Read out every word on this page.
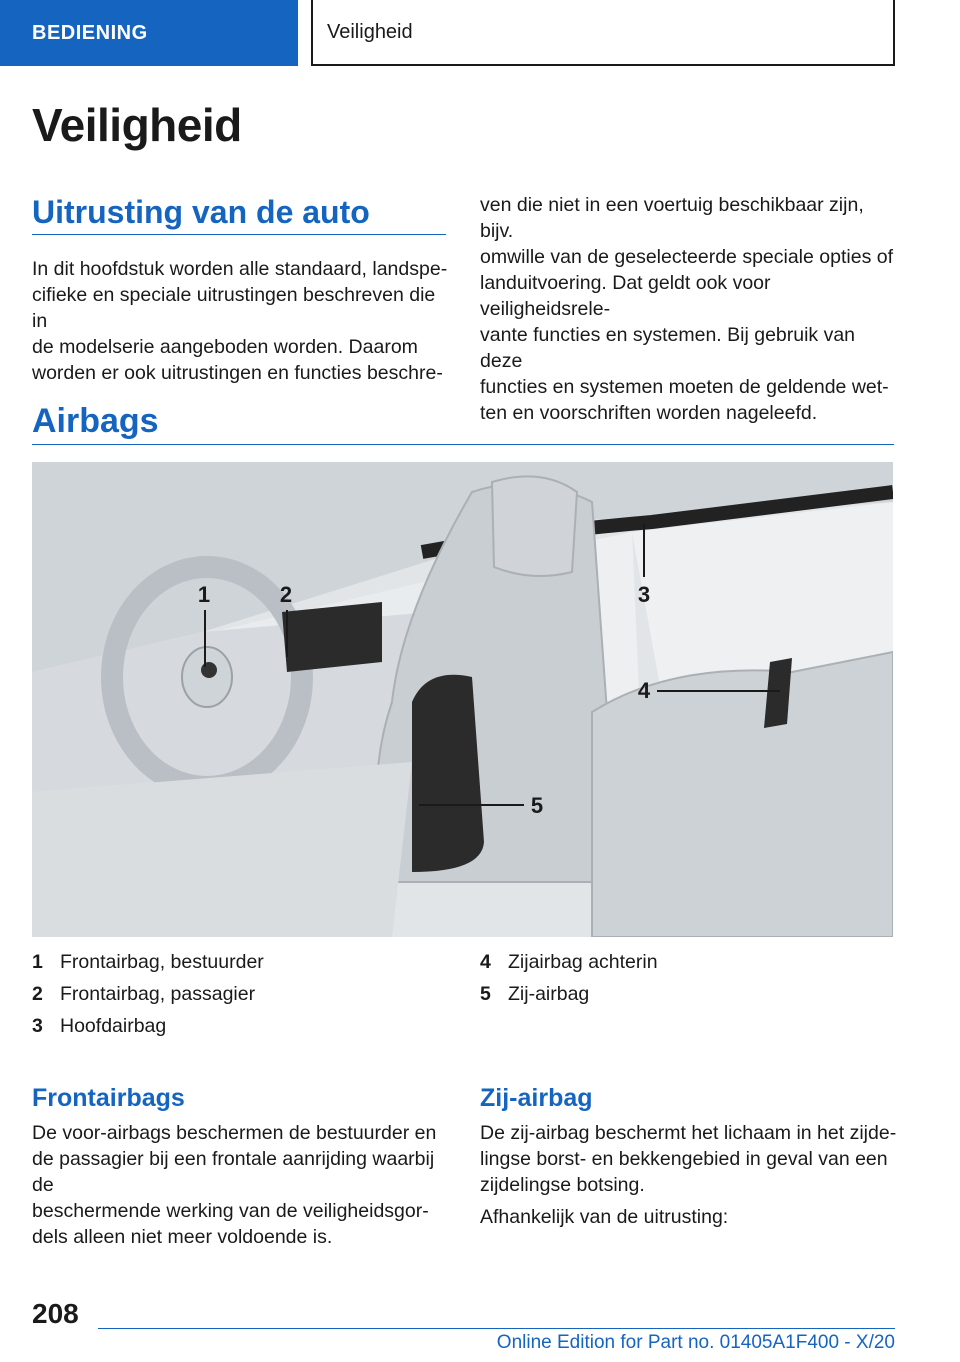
BEDIENING	Veiligheid
Veiligheid
Uitrusting van de auto

In dit hoofdstuk worden alle standaard, landspe‐
cifieke en speciale uitrustingen beschreven die in
de modelserie aangeboden worden. Daarom
worden er ook uitrustingen en functies beschre‐

ven die niet in een voertuig beschikbaar zijn, bijv.
omwille van de geselecteerde speciale opties of
landuitvoering. Dat geldt ook voor veiligheidsrele‐
vante functies en systemen. Bij gebruik van deze
functies en systemen moeten de geldende wet‐
ten en voorschriften worden nageleefd.

Airbags
1	2	3
4
5
1 Frontairbag, bestuurder
2 Frontairbag, passagier
3 Hoofdairbag
4 Zijairbag achterin
5 Zij-airbag
Frontairbags

De voor-airbags beschermen de bestuurder en
de passagier bij een frontale aanrijding waarbij de
beschermende werking van de veiligheidsgor‐
dels alleen niet meer voldoende is.

Zij-airbag

De zij-airbag beschermt het lichaam in het zijde‐
lingse borst- en bekkengebied in geval van een
zijdelingse botsing.

Afhankelijk van de uitrusting:

208
Online Edition for Part no. 01405A1F400 - X/20
